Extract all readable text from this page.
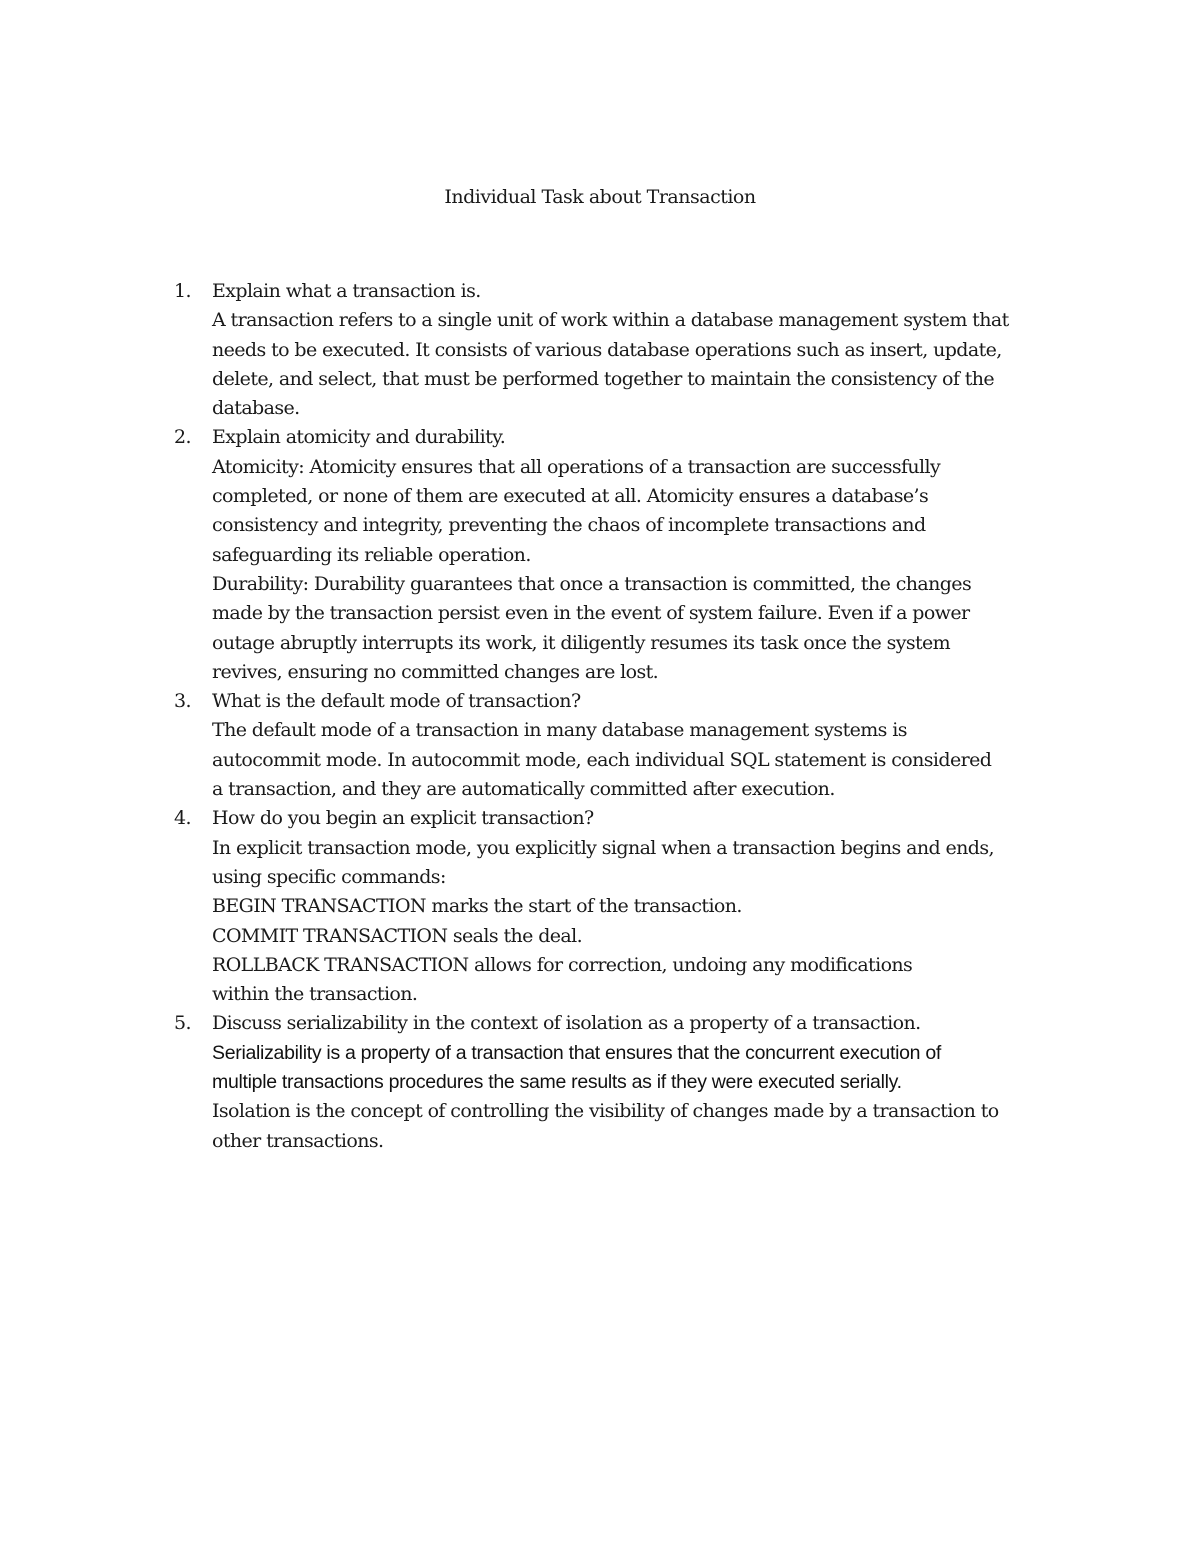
Individual Task about Transaction
1. Explain what a transaction is.
A transaction refers to a single unit of work within a database management system that
needs to be executed. It consists of various database operations such as insert, update,
delete, and select, that must be performed together to maintain the consistency of the
database.
2. Explain atomicity and durability.
Atomicity: Atomicity ensures that all operations of a transaction are successfully
completed, or none of them are executed at all. Atomicity ensures a database’s
consistency and integrity, preventing the chaos of incomplete transactions and
safeguarding its reliable operation.
Durability: Durability guarantees that once a transaction is committed, the changes
made by the transaction persist even in the event of system failure. Even if a power
outage abruptly interrupts its work, it diligently resumes its task once the system
revives, ensuring no committed changes are lost.
3. What is the default mode of transaction?
The default mode of a transaction in many database management systems is
autocommit mode. In autocommit mode, each individual SQL statement is considered
a transaction, and they are automatically committed after execution.
4. How do you begin an explicit transaction?
In explicit transaction mode, you explicitly signal when a transaction begins and ends,
using specific commands:
BEGIN TRANSACTION marks the start of the transaction.
COMMIT TRANSACTION seals the deal.
ROLLBACK TRANSACTION allows for correction, undoing any modifications
within the transaction.
5. Discuss serializability in the context of isolation as a property of a transaction.
Serializability is a property of a transaction that ensures that the concurrent execution of
multiple transactions procedures the same results as if they were executed serially.
Isolation is the concept of controlling the visibility of changes made by a transaction to
other transactions.
